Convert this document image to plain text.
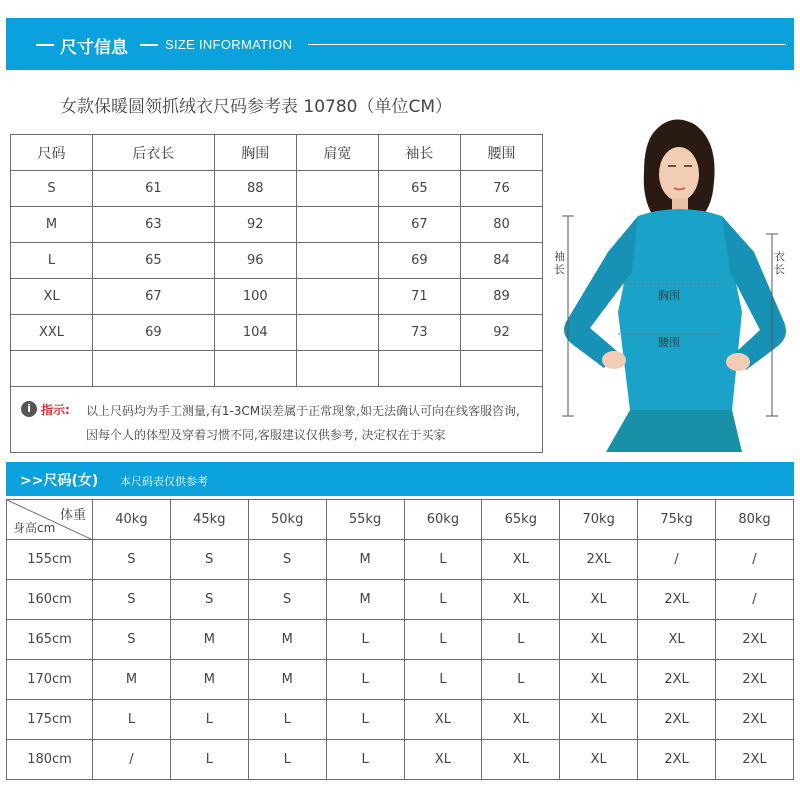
尺寸信息	SIZE INFORMATION
女款保暖圆领抓绒衣尺码参考表 10780（单位CM）
尺码	后衣长	胸围	肩宽	袖长	腰围
S	61	88		65	76
M	63	92		67	80
L	65	96		69	84
XL	67	100		71	89
XXL	69	104		73	92

i 指示: 以上尺码均为手工测量,有1-3CM误差属于正常现象,如无法确认可向在线客服咨询,
因每个人的体型及穿着习惯不同,客服建议仅供参考, 决定权在于买家
袖长
衣长
胸围
腰围
>>尺码(女) 本尺码表仅供参考
体重
身高cm	40kg	45kg	50kg	55kg	60kg	65kg	70kg	75kg	80kg
155cm	S	S	S	M	L	XL	2XL	/	/
160cm	S	S	S	M	L	XL	XL	2XL	/
165cm	S	M	M	L	L	L	XL	XL	2XL
170cm	M	M	M	L	L	L	XL	2XL	2XL
175cm	L	L	L	L	XL	XL	XL	2XL	2XL
180cm	/	L	L	L	XL	XL	XL	2XL	2XL
